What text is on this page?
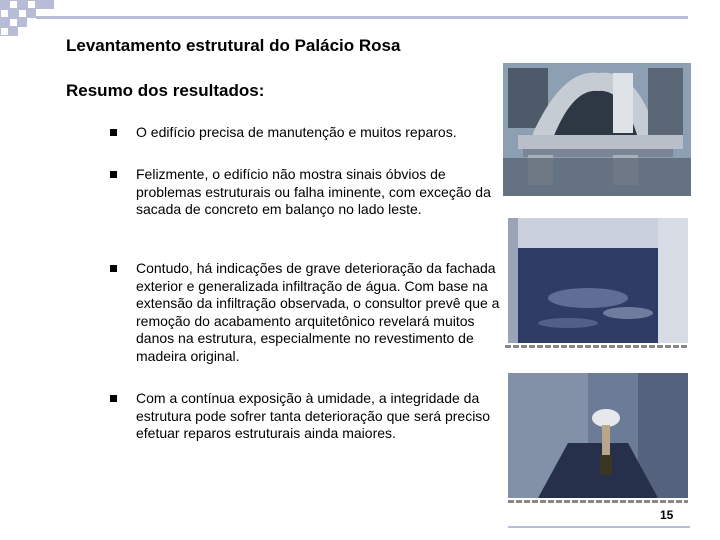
Levantamento estrutural do Palácio Rosa
Resumo dos resultados:
O edifício precisa de manutenção e muitos reparos.
Felizmente, o edifício não mostra sinais óbvios de problemas estruturais ou falha iminente, com exceção da sacada de concreto em balanço no lado leste.
Contudo, há indicações de grave deterioração da fachada exterior e generalizada infiltração de água. Com base na extensão da infiltração observada, o consultor prevê que a remoção do acabamento arquitetônico revelará muitos danos na estrutura, especialmente no revestimento de madeira original.
Com a contínua exposição à umidade, a integridade da estrutura pode sofrer tanta deterioração que será preciso efetuar reparos estruturais ainda maiores.
15
